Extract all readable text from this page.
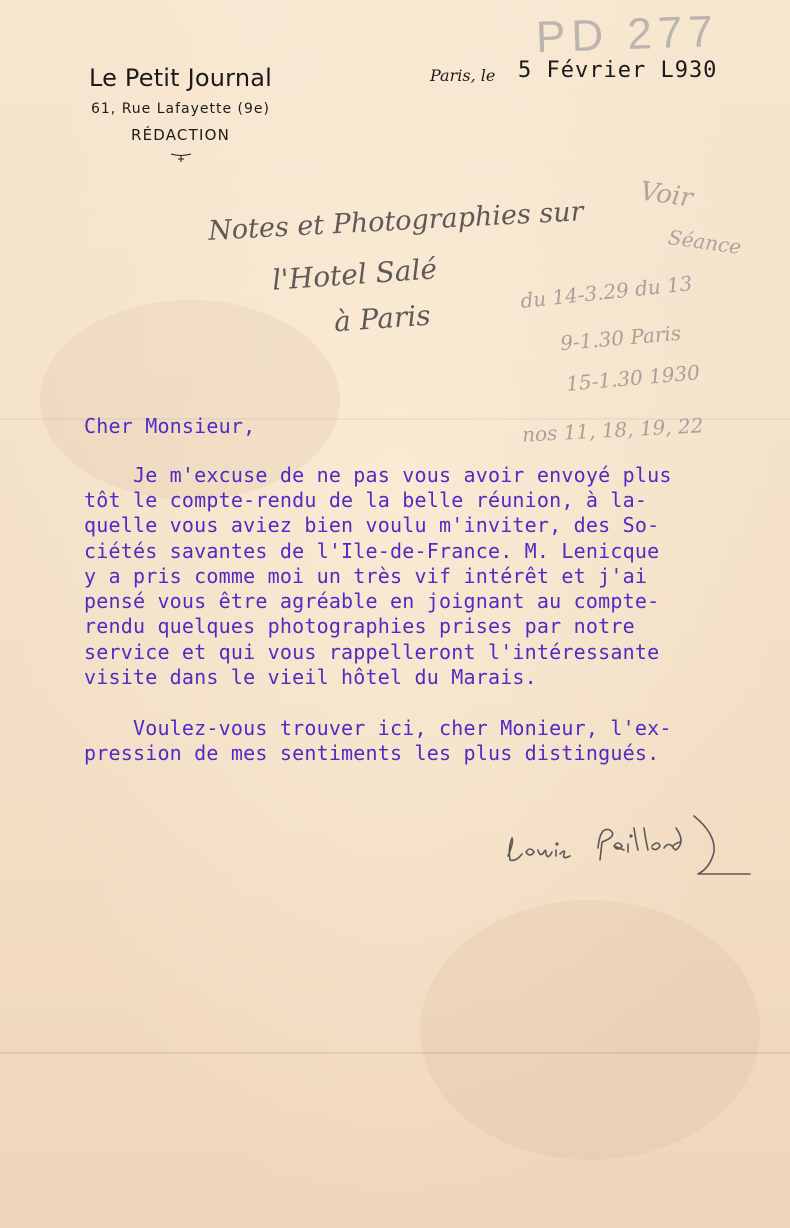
PD 277
Le Petit Journal
61, Rue Lafayette (9e)
RÉDACTION
Paris, le 5 Février L930
Notes et Photographies sur
l'Hotel Salé
à Paris
Voir
Séance
du 14-3.29 du 13
9-1.30 Paris
15-1.30 1930
nos 11, 18, 19, 22
Cher Monsieur,
Je m'excuse de ne pas vous avoir envoyé plus
tôt le compte-rendu de la belle réunion, à la-
quelle vous aviez bien voulu m'inviter, des So-
ciétés savantes de l'Ile-de-France. M. Lenicque
y a pris comme moi un très vif intérêt et j'ai
pensé vous être agréable en joignant au compte-
rendu quelques photographies prises par notre
service et qui vous rappelleront l'intéressante
visite dans le vieil hôtel du Marais.
Voulez-vous trouver ici, cher Monieur, l'ex-
pression de mes sentiments les plus distingués.
